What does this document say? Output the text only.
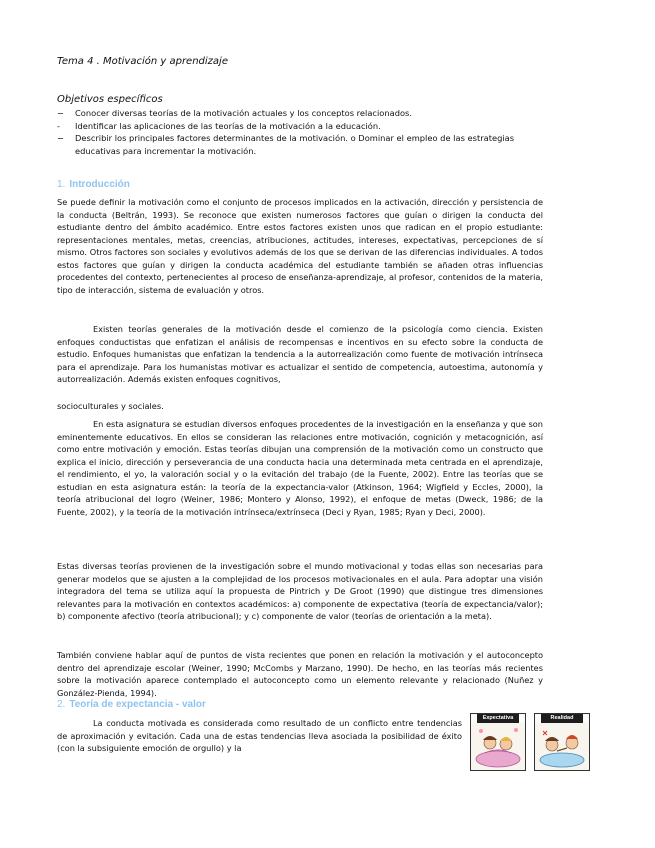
Tema 4 . Motivación y aprendizaje
Objetivos específicos
−	Conocer diversas teorías de la motivación actuales y los conceptos relacionados.
-	Identificar las aplicaciones de las teorías de la motivación a la educación.
−	Describir los principales factores determinantes de la motivación. o Dominar el empleo de las estrategias educativas para incrementar la motivación.
1. Introducción
Se puede definir la motivación como el conjunto de procesos implicados en la activación, dirección y persistencia de la conducta (Beltrán, 1993). Se reconoce que existen numerosos factores que guían o dirigen la conducta del estudiante dentro del ámbito académico. Entre estos factores existen unos que radican en el propio estudiante: representaciones mentales, metas, creencias, atribuciones, actitudes, intereses, expectativas, percepciones de sí mismo. Otros factores son sociales y evolutivos además de los que se derivan de las diferencias individuales. A todos estos factores que guían y dirigen la conducta académica del estudiante también se añaden otras influencias procedentes del contexto, pertenecientes al proceso de enseñanza-aprendizaje, al profesor, contenidos de la materia, tipo de interacción, sistema de evaluación y otros.
Existen teorías generales de la motivación desde el comienzo de la psicología como ciencia. Existen enfoques conductistas que enfatizan el análisis de recompensas e incentivos en su efecto sobre la conducta de estudio. Enfoques humanistas que enfatizan la tendencia a la autorrealización como fuente de motivación intrínseca para el aprendizaje. Para los humanistas motivar es actualizar el sentido de competencia, autoestima, autonomía y autorrealización. Además existen enfoques cognitivos,
socioculturales y sociales.
En esta asignatura se estudian diversos enfoques procedentes de la investigación en la enseñanza y que son eminentemente educativos. En ellos se consideran las relaciones entre motivación, cognición y metacognición, así como entre motivación y emoción. Estas teorías dibujan una comprensión de la motivación como un constructo que explica el inicio, dirección y perseverancia de una conducta hacia una determinada meta centrada en el aprendizaje, el rendimiento, el yo, la valoración social y o la evitación del trabajo (de la Fuente, 2002). Entre las teorías que se estudian en esta asignatura están: la teoría de la expectancia-valor (Atkinson, 1964; Wigfield y Eccles, 2000), la teoría atribucional del logro (Weiner, 1986; Montero y Alonso, 1992), el enfoque de metas (Dweck, 1986; de la Fuente, 2002), y la teoría de la motivación intrínseca/extrínseca (Deci y Ryan, 1985; Ryan y Deci, 2000).
Estas diversas teorías provienen de la investigación sobre el mundo motivacional y todas ellas son necesarias para generar modelos que se ajusten a la complejidad de los procesos motivacionales en el aula. Para adoptar una visión integradora del tema se utiliza aquí la propuesta de Pintrich y De Groot (1990) que distingue tres dimensiones relevantes para la motivación en contextos académicos: a) componente de expectativa (teoría de expectancia/valor); b) componente afectivo (teoría atribucional); y c) componente de valor (teorías de orientación a la meta).
También conviene hablar aquí de puntos de vista recientes que ponen en relación la motivación y el autoconcepto dentro del aprendizaje escolar (Weiner, 1990; McCombs y Marzano, 1990). De hecho, en las teorías más recientes sobre la motivación aparece contemplado el autoconcepto como un elemento relevante y relacionado (Nuñez y González-Pienda, 1994).
2. Teoría de expectancia - valor
La conducta motivada es considerada como resultado de un conflicto entre tendencias de aproximación y evitación. Cada una de estas tendencias lleva asociada la posibilidad de éxito (con la subsiguiente emoción de orgullo) y la
Expectativa	Realidad
